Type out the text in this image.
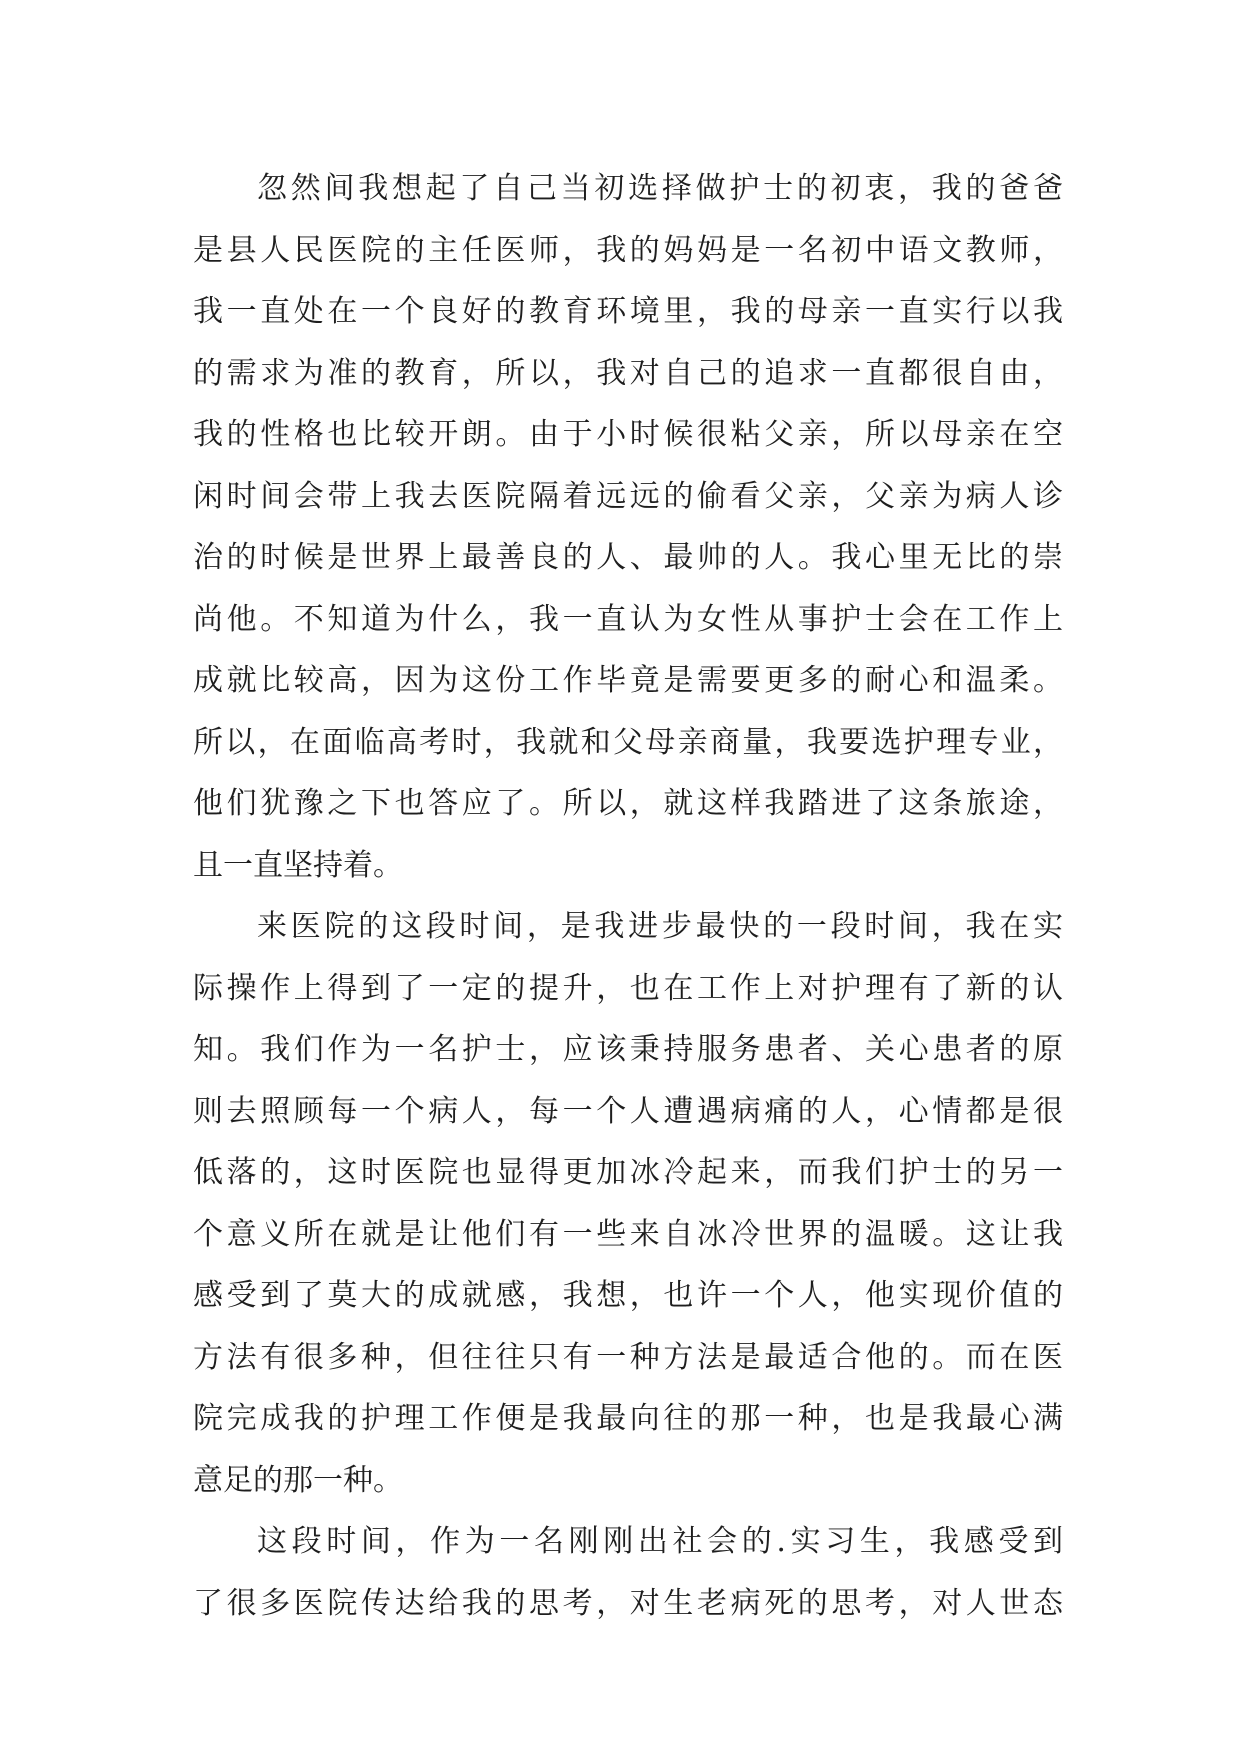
忽然间我想起了自己当初选择做护士的初衷，我的爸爸
是县人民医院的主任医师，我的妈妈是一名初中语文教师，
我一直处在一个良好的教育环境里，我的母亲一直实行以我
的需求为准的教育，所以，我对自己的追求一直都很自由，
我的性格也比较开朗。由于小时候很粘父亲，所以母亲在空
闲时间会带上我去医院隔着远远的偷看父亲，父亲为病人诊
治的时候是世界上最善良的人、最帅的人。我心里无比的崇
尚他。不知道为什么，我一直认为女性从事护士会在工作上
成就比较高，因为这份工作毕竟是需要更多的耐心和温柔。
所以，在面临高考时，我就和父母亲商量，我要选护理专业，
他们犹豫之下也答应了。所以，就这样我踏进了这条旅途，
且一直坚持着。
来医院的这段时间，是我进步最快的一段时间，我在实
际操作上得到了一定的提升，也在工作上对护理有了新的认
知。我们作为一名护士，应该秉持服务患者、关心患者的原
则去照顾每一个病人，每一个人遭遇病痛的人，心情都是很
低落的，这时医院也显得更加冰冷起来，而我们护士的另一
个意义所在就是让他们有一些来自冰冷世界的温暖。这让我
感受到了莫大的成就感，我想，也许一个人，他实现价值的
方法有很多种，但往往只有一种方法是最适合他的。而在医
院完成我的护理工作便是我最向往的那一种，也是我最心满
意足的那一种。
这段时间，作为一名刚刚出社会的.实习生，我感受到
了很多医院传达给我的思考，对生老病死的思考，对人世态
